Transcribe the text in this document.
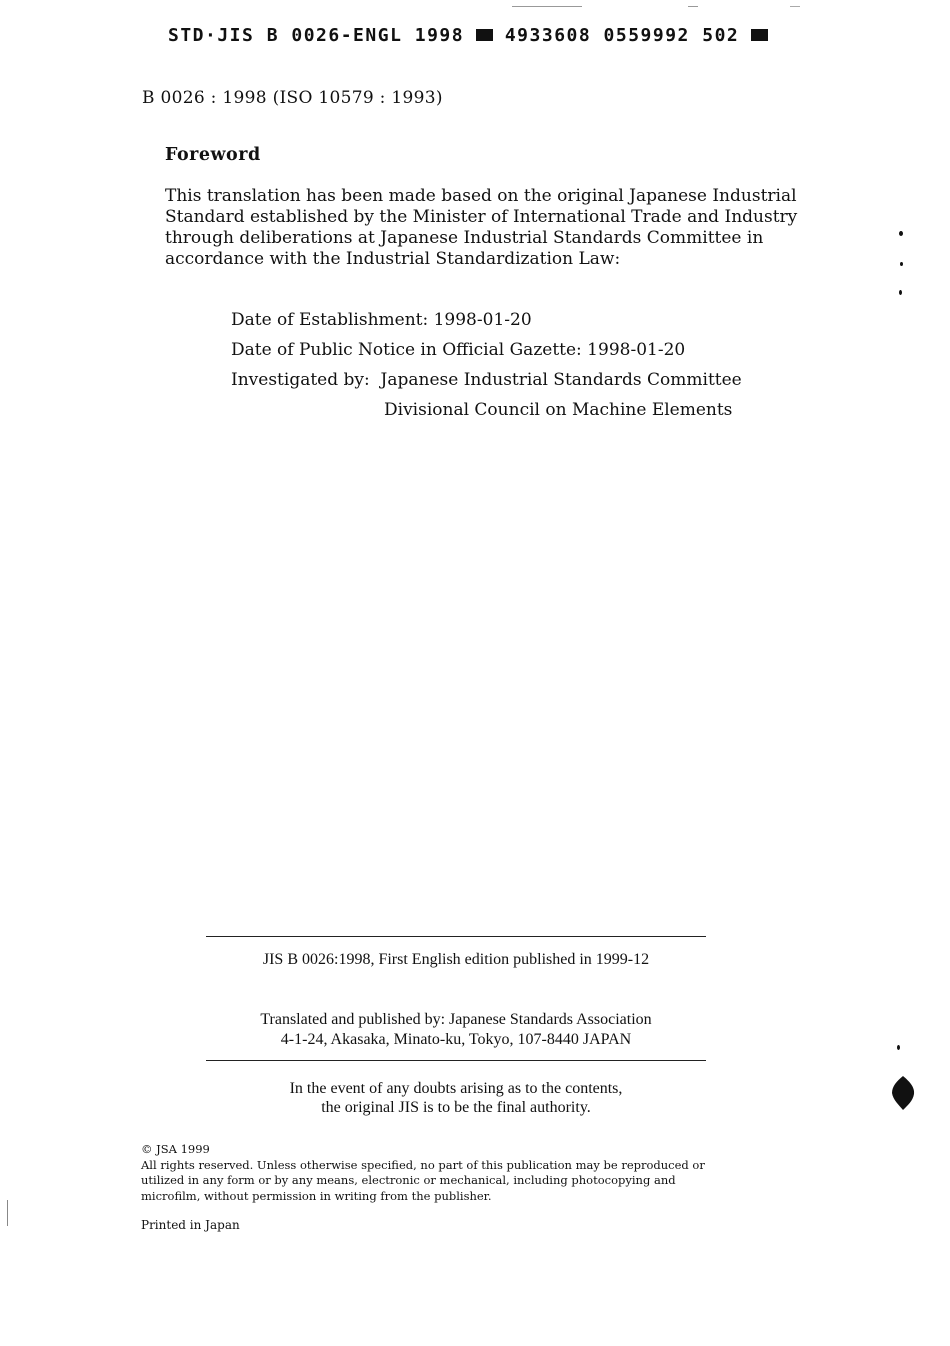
STD·JIS B 0026-ENGL 1998 4933608 0559992 502
B 0026 : 1998 (ISO 10579 : 1993)
Foreword
This translation has been made based on the original Japanese Industrial
Standard established by the Minister of International Trade and Industry
through deliberations at Japanese Industrial Standards Committee in
accordance with the Industrial Standardization Law:
Date of Establishment: 1998-01-20
Date of Public Notice in Official Gazette: 1998-01-20
Investigated by: Japanese Industrial Standards Committee
Divisional Council on Machine Elements
JIS B 0026:1998, First English edition published in 1999-12
Translated and published by: Japanese Standards Association
4-1-24, Akasaka, Minato-ku, Tokyo, 107-8440 JAPAN
In the event of any doubts arising as to the contents,
the original JIS is to be the final authority.
© JSA 1999
All rights reserved. Unless otherwise specified, no part of this publication may be reproduced or
utilized in any form or by any means, electronic or mechanical, including photocopying and
microfilm, without permission in writing from the publisher.
Printed in Japan
